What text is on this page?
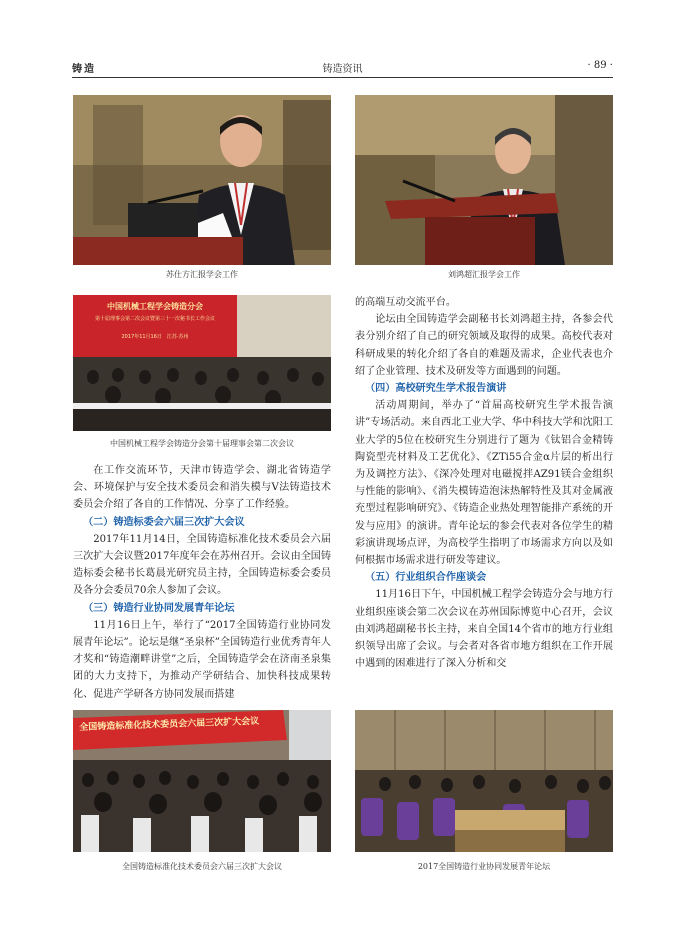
铸造	铸造资讯	· 89 ·
苏仕方汇报学会工作	刘鸿超汇报学会工作
中国机械工程学会铸造分会
第十届理事会第二次会议暨第三十一次秘书长工作会议
2017年11月16日　江苏·苏州
中国机械工程学会铸造分会第十届理事会第二次会议

在工作交流环节，天津市铸造学会、湖北省铸造学会、环境保护与安全技术委员会和消失模与V法铸造技术委员会介绍了各自的工作情况、分享了工作经验。

（二）铸造标委会六届三次扩大会议

2017年11月14日，全国铸造标准化技术委员会六届三次扩大会议暨2017年度年会在苏州召开。会议由全国铸造标委会秘书长葛晨光研究员主持，全国铸造标委会委员及各分会委员70余人参加了会议。

（三）铸造行业协同发展青年论坛

11月16日上午，举行了“2017全国铸造行业协同发展青年论坛”。论坛是继“圣泉杯”全国铸造行业优秀青年人才奖和“铸造潮畔讲堂”之后，全国铸造学会在济南圣泉集团的大力支持下，为推动产学研结合、加快科技成果转化、促进产学研各方协同发展而搭建

的高端互动交流平台。

论坛由全国铸造学会副秘书长刘鸿超主持，各参会代表分别介绍了自己的研究领域及取得的成果。高校代表对科研成果的转化介绍了各自的难题及需求，企业代表也介绍了企业管理、技术及研发等方面遇到的问题。

（四）高校研究生学术报告演讲

活动周期间，举办了“首届高校研究生学术报告演讲”专场活动。来自西北工业大学、华中科技大学和沈阳工业大学的5位在校研究生分别进行了题为《钛铝合金精铸陶瓷型壳材料及工艺优化》、《ZTi55合金α片层的析出行为及调控方法》、《深冷处理对电磁搅拌AZ91镁合金组织与性能的影响》、《消失模铸造泡沫热解特性及其对金属液充型过程影响研究》、《铸造企业热处理智能排产系统的开发与应用》的演讲。青年论坛的参会代表对各位学生的精彩演讲现场点评，为高校学生指明了市场需求方向以及如何根据市场需求进行研发等建议。

（五）行业组织合作座谈会

11月16日下午，中国机械工程学会铸造分会与地方行业组织座谈会第二次会议在苏州国际博览中心召开，会议由刘鸿超副秘书长主持，来自全国14个省市的地方行业组织领导出席了会议。与会者对各省市地方组织在工作开展中遇到的困难进行了深入分析和交

全国铸造标准化技术委员会六届三次扩大会议
全国铸造标准化技术委员会六届三次扩大会议	2017全国铸造行业协同发展青年论坛
